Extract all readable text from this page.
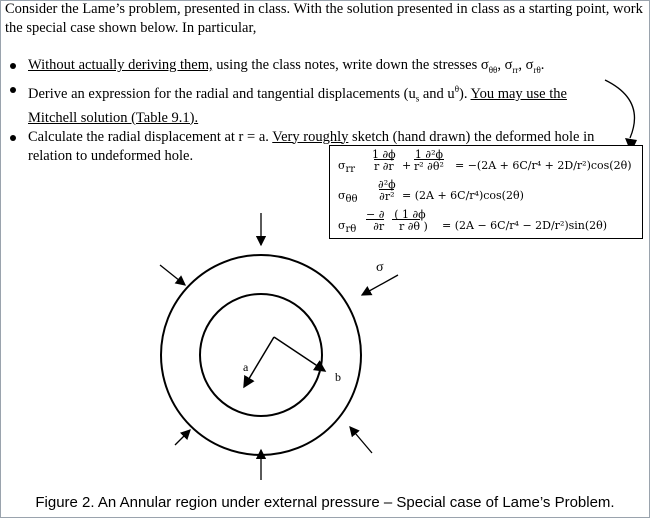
Consider the Lame’s problem, presented in class. With the solution presented in class as a starting point, work the special case shown below. In particular,
Without actually deriving them, using the class notes, write down the stresses $\sigma_{\theta\theta}$, $\sigma_{rr}$, $\sigma_{r\theta}$.
Derive an expression for the radial and tangential displacements ($u_s$ and $u^\theta$). You may use the Mitchell solution (Table 9.1).
Calculate the radial displacement at r = a. Very roughly sketch (hand drawn) the deformed hole in relation to undeformed hole.
$\sigma_{rr}$
1 ∂ϕ
r ∂r +
1 ∂²ϕ
r² ∂θ² = −(2A + 6C/r⁴ + 2D/r²)cos(2θ)
$\sigma_{\theta\theta}$
∂²ϕ
∂r² = (2A + 6C/r⁴)cos(2θ)
$\sigma_{r\theta}$
− ∂
∂r
( 1 ∂ϕ
r ∂θ ) = (2A − 6C/r⁴ − 2D/r²)sin(2θ)
a
b
σ
Figure 2. An Annular region under external pressure – Special case of Lame’s Problem.
